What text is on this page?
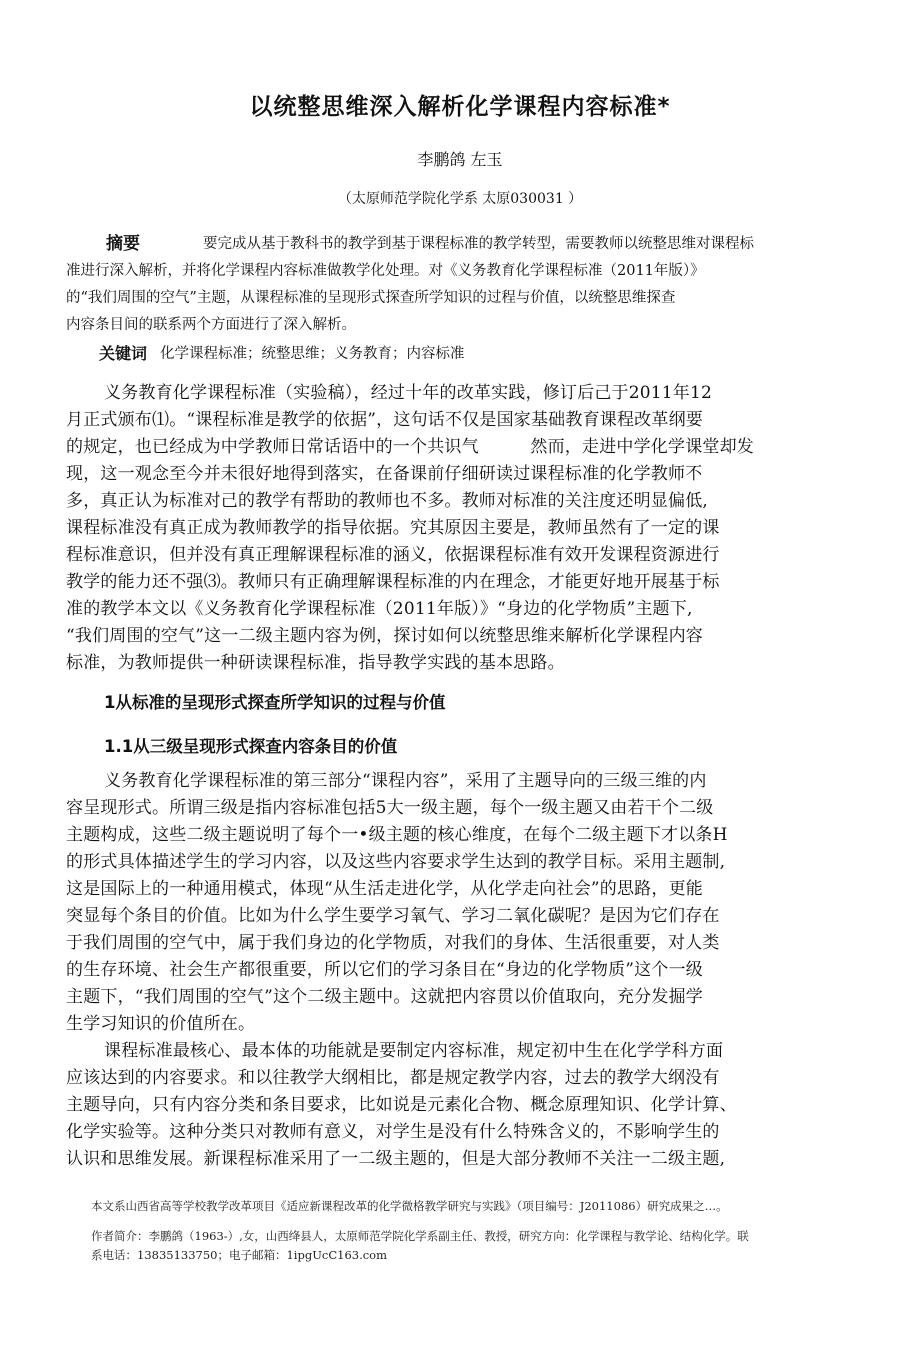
以统整思维深入解析化学课程内容标准*
李鹏鸽 左玉
（太原师范学院化学系 太原030031 ）
摘要	要完成从基于教科书的教学到基于课程标准的教学转型，需要教师以统整思维对课程标
准进行深入解析，并将化学课程内容标准做教学化处理。对《义务教育化学课程标准（2011年版）》
的“我们周围的空气”主题，从课程标准的呈现形式探查所学知识的过程与价值，以统整思维探查
内容条目间的联系两个方面进行了深入解析。
关键词 化学课程标准；统整思维；义务教育；内容标准
义务教育化学课程标准（实验稿），经过十年的改革实践，修订后己于2011年12
月正式颁布⑴。“课程标准是教学的依据”，这句话不仅是国家基础教育课程改革纲要
的规定，也已经成为中学教师日常话语中的一个共识气　　　然而，走进中学化学课堂却发
现，这一观念至今并未很好地得到落实，在备课前仔细研读过课程标准的化学教师不
多，真正认为标准对己的教学有帮助的教师也不多。教师对标准的关注度还明显偏低,
课程标准没有真正成为教师教学的指导依据。究其原因主要是，教师虽然有了一定的课
程标准意识，但并没有真正理解课程标准的涵义，依据课程标准有效开发课程资源进行
教学的能力还不强⑶。教师只有正确理解课程标准的内在理念，才能更好地开展基于标
准的教学本文以《义务教育化学课程标准（2011年版）》“身边的化学物质”主题下,
“我们周围的空气”这一二级主题内容为例，探讨如何以统整思维来解析化学课程内容
标准，为教师提供一种研读课程标准，指导教学实践的基本思路。
1从标准的呈现形式探查所学知识的过程与价值
1.1从三级呈现形式探查内容条目的价值
义务教育化学课程标准的第三部分“课程内容”，采用了主题导向的三级三维的内
容呈现形式。所谓三级是指内容标准包括5大一级主题，每个一级主题又由若干个二级
主题构成，这些二级主题说明了每个一•级主题的核心维度，在每个二级主题下才以条H
的形式具体描述学生的学习内容，以及这些内容要求学生达到的教学目标。采用主题制,
这是国际上的一种通用模式，体现“从生活走进化学，从化学走向社会”的思路，更能
突显每个条目的价值。比如为什么学生要学习氧气、学习二氧化碳呢？是因为它们存在
于我们周围的空气中，属于我们身边的化学物质，对我们的身体、生活很重要，对人类
的生存环境、社会生产都很重要，所以它们的学习条目在“身边的化学物质”这个一级
主题下，“我们周围的空气”这个二级主题中。这就把内容贯以价值取向，充分发掘学
生学习知识的价值所在。
课程标准最核心、最本体的功能就是要制定内容标准，规定初中生在化学学科方面
应该达到的内容要求。和以往教学大纲相比，都是规定教学内容，过去的教学大纲没有
主题导向，只有内容分类和条目要求，比如说是元素化合物、概念原理知识、化学计算、
化学实验等。这种分类只对教师有意义，对学生是没有什么特殊含义的，不影响学生的
认识和思维发展。新课程标准采用了一二级主题的，但是大部分教师不关注一二级主题,
本文系山西省高等学校教学改革项目《适应新课程改革的化学微格教学研究与实践》（项目编号：J2011086）研究成果之…。
作者简介：李鹏鸽（1963-）,女，山西绛县人，太原师范学院化学系副主任、教授，研究方向：化学课程与教学论、结构化学。联
系电话：13835133750；电子邮箱：1ipgUcC163.com
